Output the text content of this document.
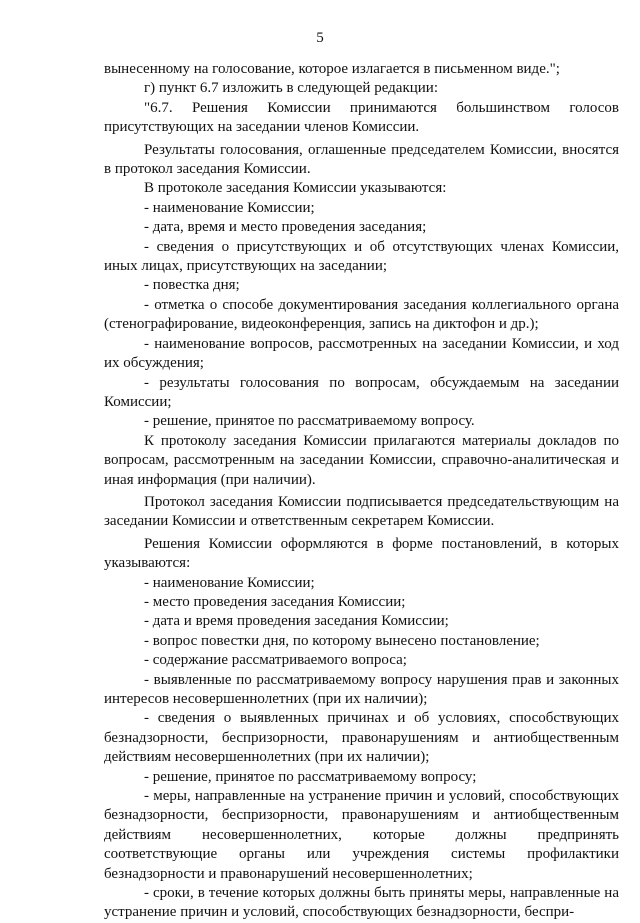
5

вынесенному на голосование, которое излагается в письменном виде.";

г) пункт 6.7 изложить в следующей редакции:

"6.7. Решения Комиссии принимаются большинством голосов присутствующих на заседании членов Комиссии.

Результаты голосования, оглашенные председателем Комиссии, вносятся в протокол заседания Комиссии.

В протоколе заседания Комиссии указываются:

- наименование Комиссии;

- дата, время и место проведения заседания;

- сведения о присутствующих и об отсутствующих членах Комиссии, иных лицах, присутствующих на заседании;

- повестка дня;

- отметка о способе документирования заседания коллегиального органа (стенографирование, видеоконференция, запись на диктофон и др.);

- наименование вопросов, рассмотренных на заседании Комиссии, и ход их обсуждения;

- результаты голосования по вопросам, обсуждаемым на заседании Комиссии;

- решение, принятое по рассматриваемому вопросу.

К протоколу заседания Комиссии прилагаются материалы докладов по вопросам, рассмотренным на заседании Комиссии, справочно-аналитическая и иная информация (при наличии).

Протокол заседания Комиссии подписывается председательствующим на заседании Комиссии и ответственным секретарем Комиссии.

Решения Комиссии оформляются в форме постановлений, в которых указываются:

- наименование Комиссии;

- место проведения заседания Комиссии;

- дата и время проведения заседания Комиссии;

- вопрос повестки дня, по которому вынесено постановление;

- содержание рассматриваемого вопроса;

- выявленные по рассматриваемому вопросу нарушения прав и законных интересов несовершеннолетних (при их наличии);

- сведения о выявленных причинах и об условиях, способствующих безнадзорности, беспризорности, правонарушениям и антиобщественным действиям несовершеннолетних (при их наличии);

- решение, принятое по рассматриваемому вопросу;

- меры, направленные на устранение причин и условий, способствующих безнадзорности, беспризорности, правонарушениям и антиобщественным действиям несовершеннолетних, которые должны предпринять соответствующие органы или учреждения системы профилактики безнадзорности и правонарушений несовершеннолетних;

- сроки, в течение которых должны быть приняты меры, направленные на устранение причин и условий, способствующих безнадзорности, беспри-
